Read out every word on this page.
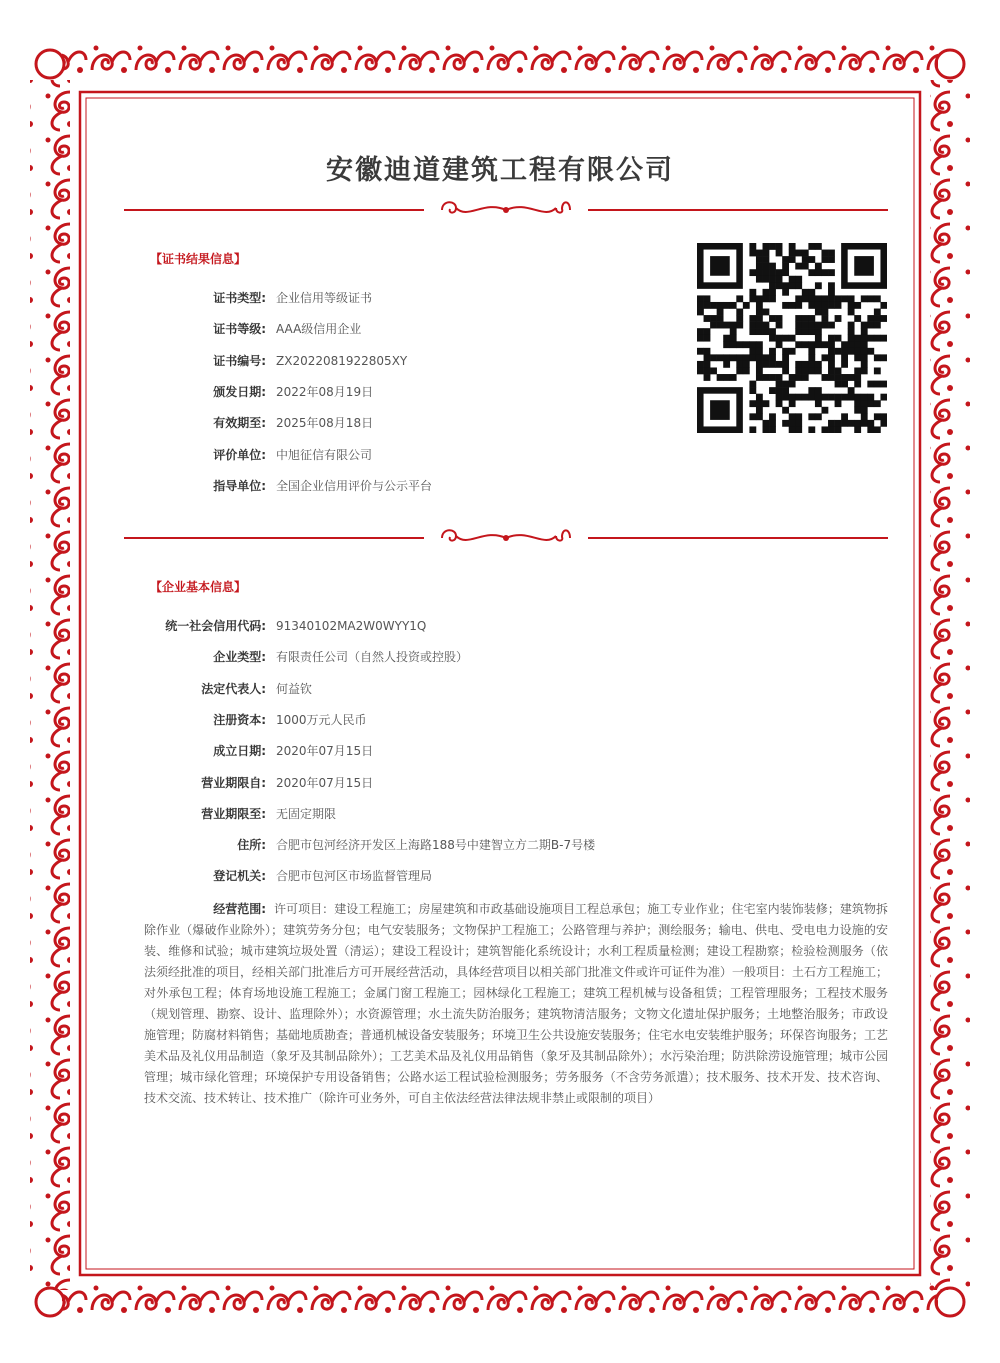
安徽迪道建筑工程有限公司
【证书结果信息】
证书类型: 企业信用等级证书
证书等级: AAA级信用企业
证书编号: ZX2022081922805XY
颁发日期: 2022年08月19日
有效期至: 2025年08月18日
评价单位: 中旭征信有限公司
指导单位: 全国企业信用评价与公示平台
【企业基本信息】
统一社会信用代码: 91340102MA2W0WYY1Q
企业类型: 有限责任公司（自然人投资或控股）
法定代表人: 何益钦
注册资本: 1000万元人民币
成立日期: 2020年07月15日
营业期限自: 2020年07月15日
营业期限至: 无固定期限
住所: 合肥市包河经济开发区上海路188号中建智立方二期B-7号楼
登记机关: 合肥市包河区市场监督管理局
经营范围: 许可项目：建设工程施工；房屋建筑和市政基础设施项目工程总承包；施工专业作业；住宅室内装饰装修；建筑物拆除作业（爆破作业除外）；建筑劳务分包；电气安装服务；文物保护工程施工；公路管理与养护；测绘服务；输电、供电、受电电力设施的安装、维修和试验；城市建筑垃圾处置（清运）；建设工程设计；建筑智能化系统设计；水利工程质量检测；建设工程勘察；检验检测服务（依法须经批准的项目，经相关部门批准后方可开展经营活动，具体经营项目以相关部门批准文件或许可证件为准）一般项目：土石方工程施工；对外承包工程；体育场地设施工程施工；金属门窗工程施工；园林绿化工程施工；建筑工程机械与设备租赁；工程管理服务；工程技术服务（规划管理、勘察、设计、监理除外）；水资源管理；水土流失防治服务；建筑物清洁服务；文物文化遗址保护服务；土地整治服务；市政设施管理；防腐材料销售；基础地质勘查；普通机械设备安装服务；环境卫生公共设施安装服务；住宅水电安装维护服务；环保咨询服务；工艺美术品及礼仪用品制造（象牙及其制品除外）；工艺美术品及礼仪用品销售（象牙及其制品除外）；水污染治理；防洪除涝设施管理；城市公园管理；城市绿化管理；环境保护专用设备销售；公路水运工程试验检测服务；劳务服务（不含劳务派遣）；技术服务、技术开发、技术咨询、技术交流、技术转让、技术推广（除许可业务外，可自主依法经营法律法规非禁止或限制的项目）
